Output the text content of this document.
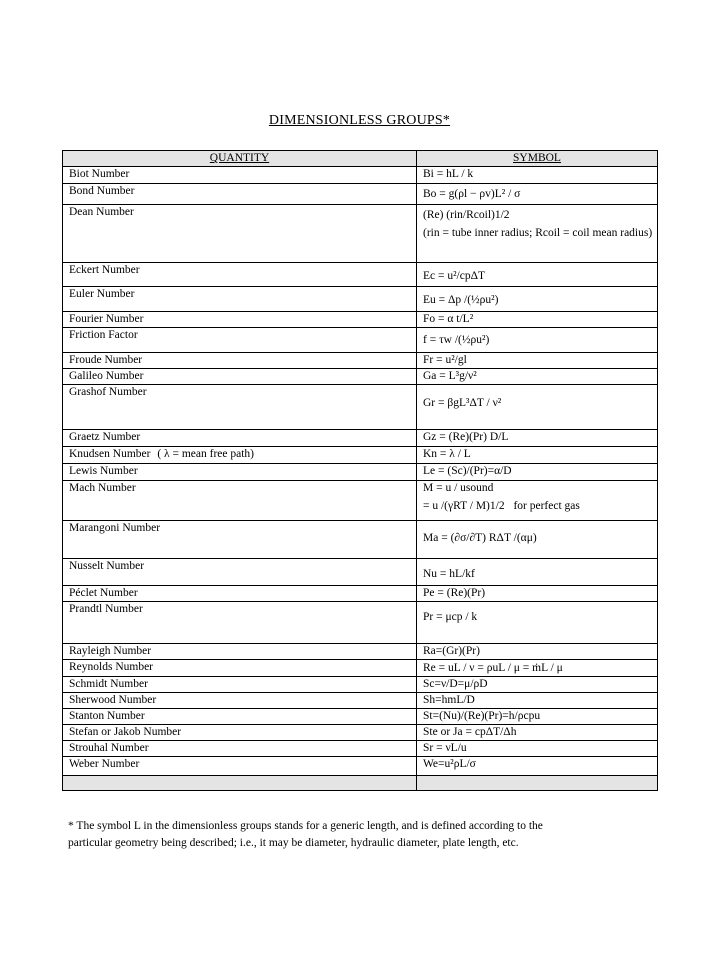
DIMENSIONLESS GROUPS*
QUANTITY	SYMBOL
Biot Number	Bi = hL / k
Bond Number	Bo = g(ρl − ρv)L² / σ
Dean Number	(Re) (rin/Rcoil)1/2
(rin = tube inner radius; Rcoil = coil mean radius)

Eckert Number	Ec = u²/cpΔT
Euler Number	Eu = Δp /(½ρu²)
Fourier Number	Fo = α t/L²
Friction Factor	f = τw /(½ρu²)
Froude Number	Fr = u²/gl
Galileo Number	Ga = L³g/ν²
Grashof Number	Gr = βgL³ΔT / ν²
Graetz Number	Gz = (Re)(Pr) D/L
Knudsen Number ( λ = mean free path)	Kn = λ / L
Lewis Number	Le = (Sc)/(Pr)=α/D
Mach Number	M = u / usound
= u /(γRT / M)1/2 for perfect gas

Marangoni Number	Ma = (∂σ/∂T) RΔT /(αμ)
Nusselt Number	Nu = hL/kf
Péclet Number	Pe = (Re)(Pr)
Prandtl Number	Pr = μcp / k
Rayleigh Number	Ra=(Gr)(Pr)
Reynolds Number	Re = uL / ν = ρuL / μ = ṁL / μ
Schmidt Number	Sc=ν/D=μ/ρD
Sherwood Number	Sh=hmL/D
Stanton Number	St=(Nu)/(Re)(Pr)=h/ρcpu
Stefan or Jakob Number	Ste or Ja = cpΔT/Δh
Strouhal Number	Sr = νL/u
Weber Number	We=u²ρL/σ

* The symbol L in the dimensionless groups stands for a generic length, and is defined according to the
particular geometry being described; i.e., it may be diameter, hydraulic diameter, plate length, etc.
